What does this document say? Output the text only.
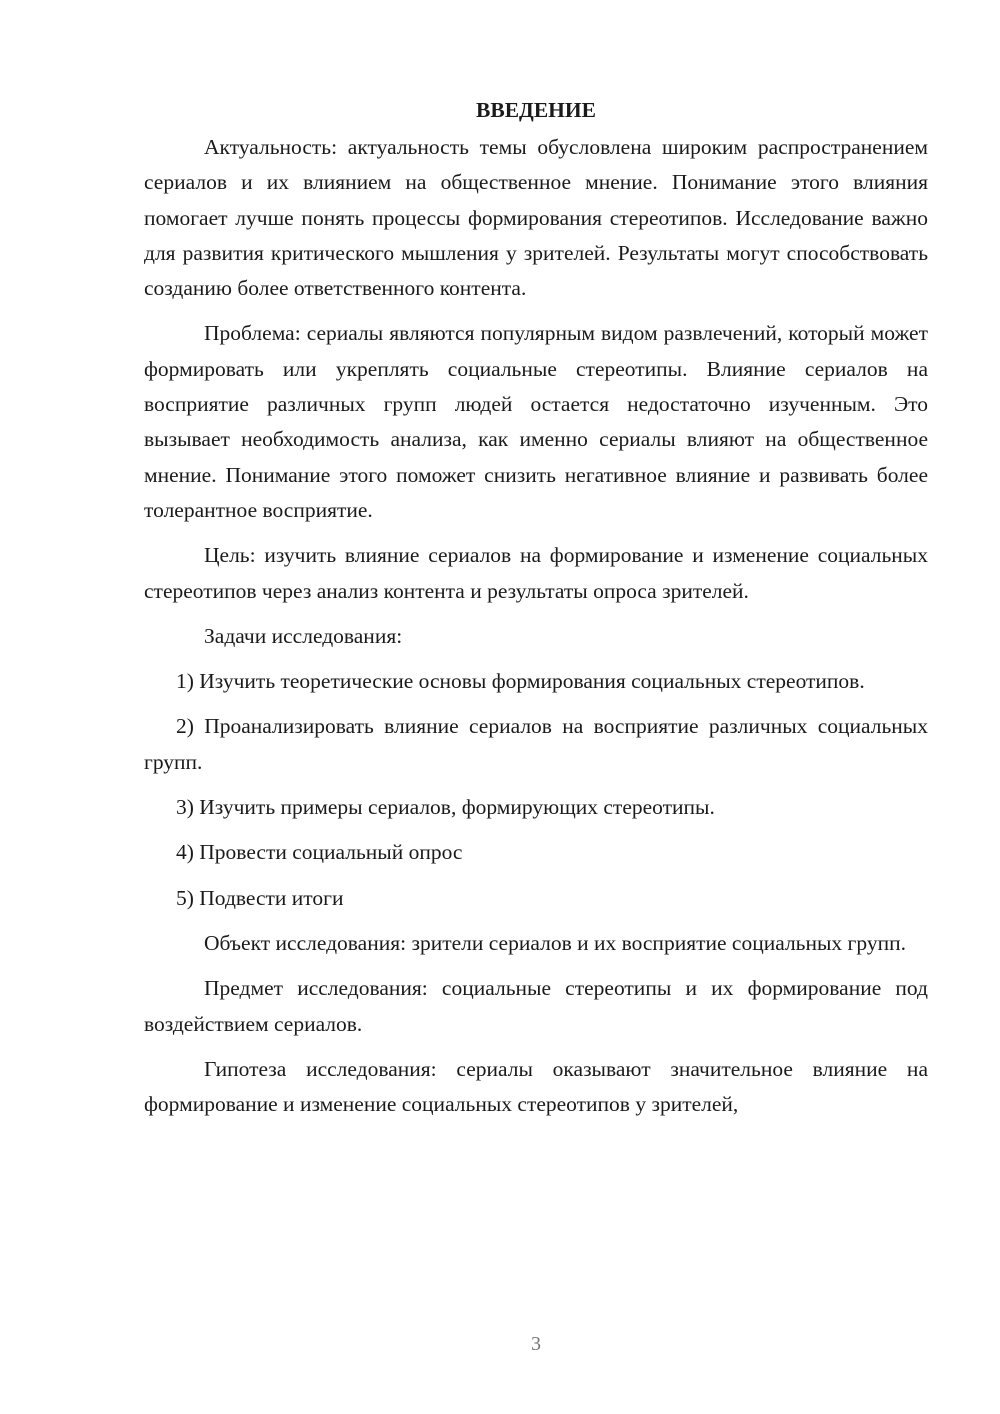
ВВЕДЕНИЕ

Актуальность: актуальность темы обусловлена широким распространением сериалов и их влиянием на общественное мнение. Понимание этого влияния помогает лучше понять процессы формирования стереотипов. Исследование важно для развития критического мышления у зрителей. Результаты могут способствовать созданию более ответственного контента.

Проблема: сериалы являются популярным видом развлечений, который может формировать или укреплять социальные стереотипы. Влияние сериалов на восприятие различных групп людей остается недостаточно изученным. Это вызывает необходимость анализа, как именно сериалы влияют на общественное мнение. Понимание этого поможет снизить негативное влияние и развивать более толерантное восприятие.

Цель: изучить влияние сериалов на формирование и изменение социальных стереотипов через анализ контента и результаты опроса зрителей.

Задачи исследования:

1) Изучить теоретические основы формирования социальных стереотипов.

2) Проанализировать влияние сериалов на восприятие различных социальных групп.

3) Изучить примеры сериалов, формирующих стереотипы.

4) Провести социальный опрос

5) Подвести итоги

Объект исследования: зрители сериалов и их восприятие социальных групп.

Предмет исследования: социальные стереотипы и их формирование под воздействием сериалов.

Гипотеза исследования: сериалы оказывают значительное влияние на формирование и изменение социальных стереотипов у зрителей,

3
